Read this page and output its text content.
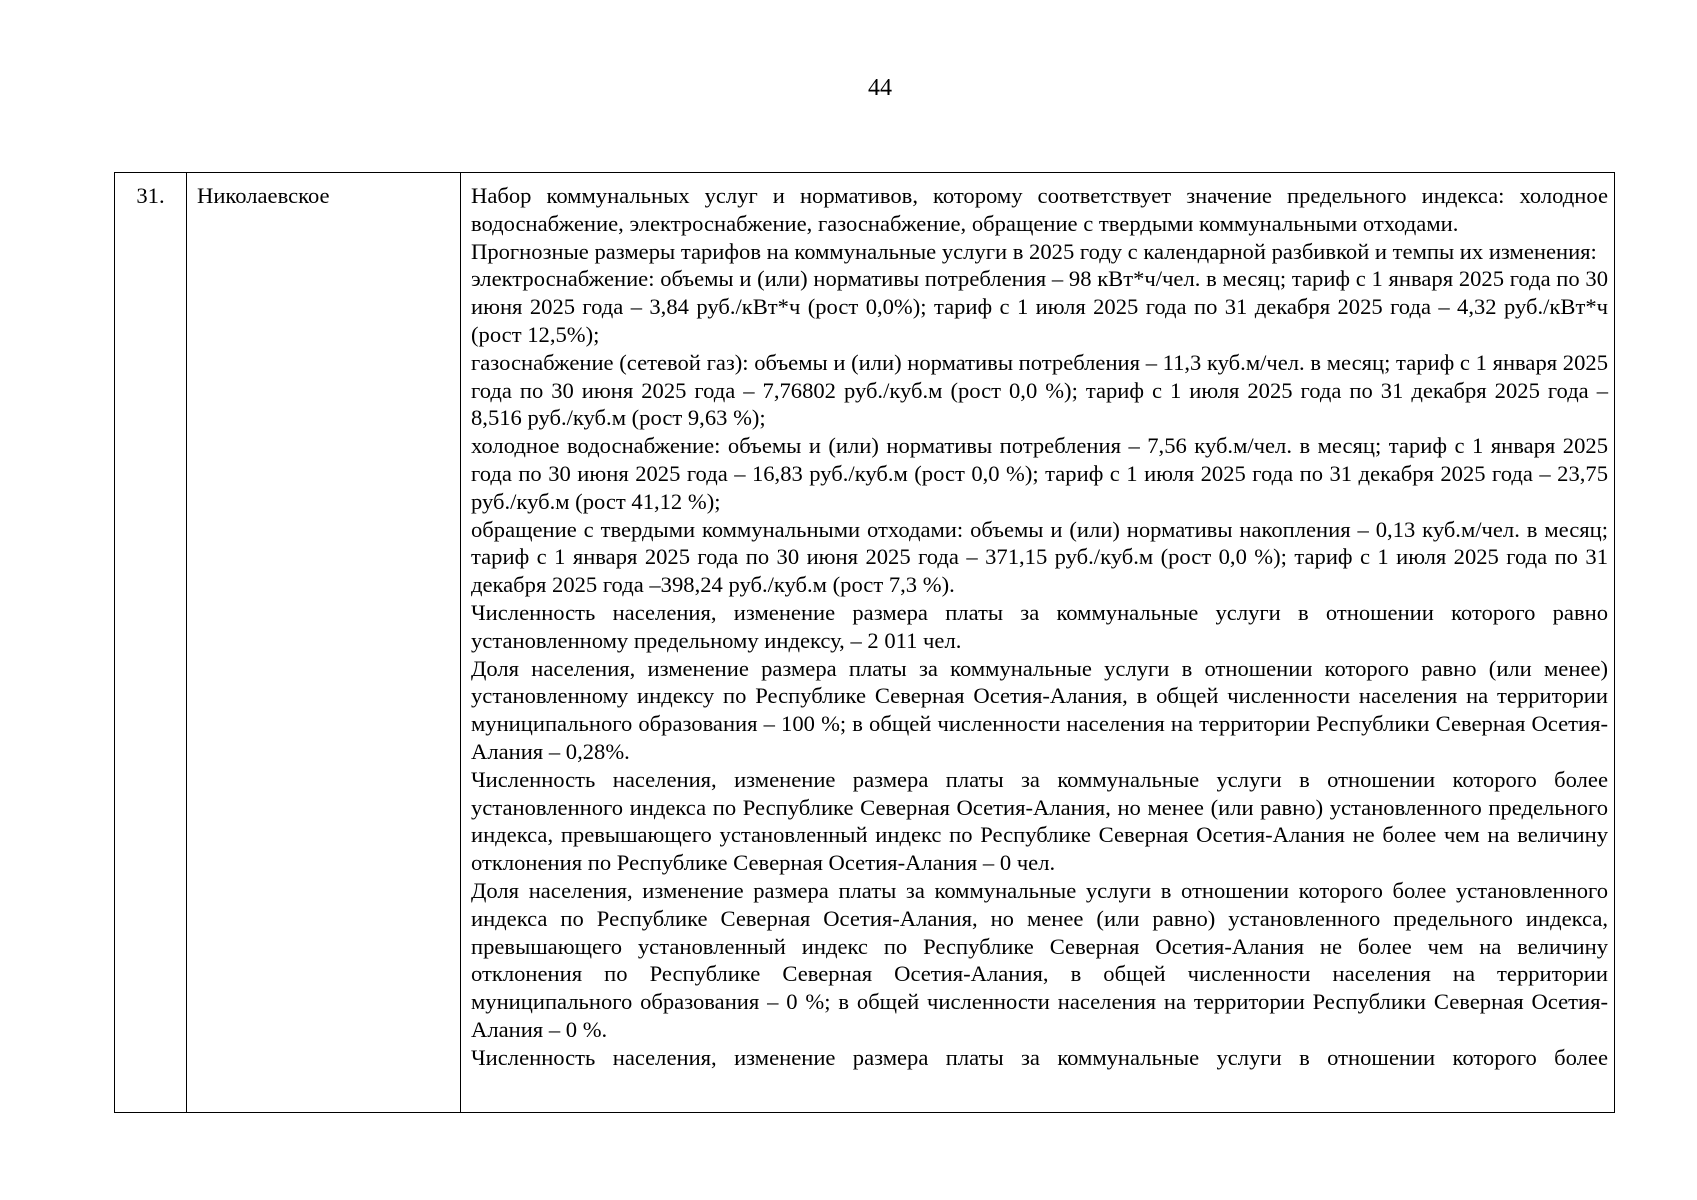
44
31.	Николаевское	Набор коммунальных услуг и нормативов, которому соответствует значение предельного индекса: холодное водоснабжение, электроснабжение, газоснабжение, обращение с твердыми коммунальными отходами.

Прогнозные размеры тарифов на коммунальные услуги в 2025 году с календарной разбивкой и темпы их изменения:

электроснабжение: объемы и (или) нормативы потребления – 98 кВт*ч/чел. в месяц; тариф с 1 января 2025 года по 30 июня 2025 года – 3,84 руб./кВт*ч (рост 0,0%); тариф с 1 июля 2025 года по 31 декабря 2025 года – 4,32 руб./кВт*ч (рост 12,5%);

газоснабжение (сетевой газ): объемы и (или) нормативы потребления – 11,3 куб.м/чел. в месяц; тариф с 1 января 2025 года по 30 июня 2025 года – 7,76802 руб./куб.м (рост 0,0 %); тариф с 1 июля 2025 года по 31 декабря 2025 года – 8,516 руб./куб.м (рост 9,63 %);

холодное водоснабжение: объемы и (или) нормативы потребления – 7,56 куб.м/чел. в месяц; тариф с 1 января 2025 года по 30 июня 2025 года – 16,83 руб./куб.м (рост 0,0 %); тариф с 1 июля 2025 года по 31 декабря 2025 года – 23,75 руб./куб.м (рост 41,12 %);

обращение с твердыми коммунальными отходами: объемы и (или) нормативы накопления – 0,13 куб.м/чел. в месяц; тариф с 1 января 2025 года по 30 июня 2025 года – 371,15 руб./куб.м (рост 0,0 %); тариф с 1 июля 2025 года по 31 декабря 2025 года –398,24 руб./куб.м (рост 7,3 %).

Численность населения, изменение размера платы за коммунальные услуги в отношении которого равно установленному предельному индексу, – 2 011 чел.

Доля населения, изменение размера платы за коммунальные услуги в отношении которого равно (или менее) установленному индексу по Республике Северная Осетия-Алания, в общей численности населения на территории муниципального образования – 100 %; в общей численности населения на территории Республики Северная Осетия-Алания – 0,28%.

Численность населения, изменение размера платы за коммунальные услуги в отношении которого более установленного индекса по Республике Северная Осетия-Алания, но менее (или равно) установленного предельного индекса, превышающего установленный индекс по Республике Северная Осетия-Алания не более чем на величину отклонения по Республике Северная Осетия-Алания – 0 чел.

Доля населения, изменение размера платы за коммунальные услуги в отношении которого более установленного индекса по Республике Северная Осетия-Алания, но менее (или равно) установленного предельного индекса, превышающего установленный индекс по Республике Северная Осетия-Алания не более чем на величину отклонения по Республике Северная Осетия-Алания, в общей численности населения на территории муниципального образования – 0 %; в общей численности населения на территории Республики Северная Осетия-Алания – 0 %.

Численность населения, изменение размера платы за коммунальные услуги в отношении которого более
